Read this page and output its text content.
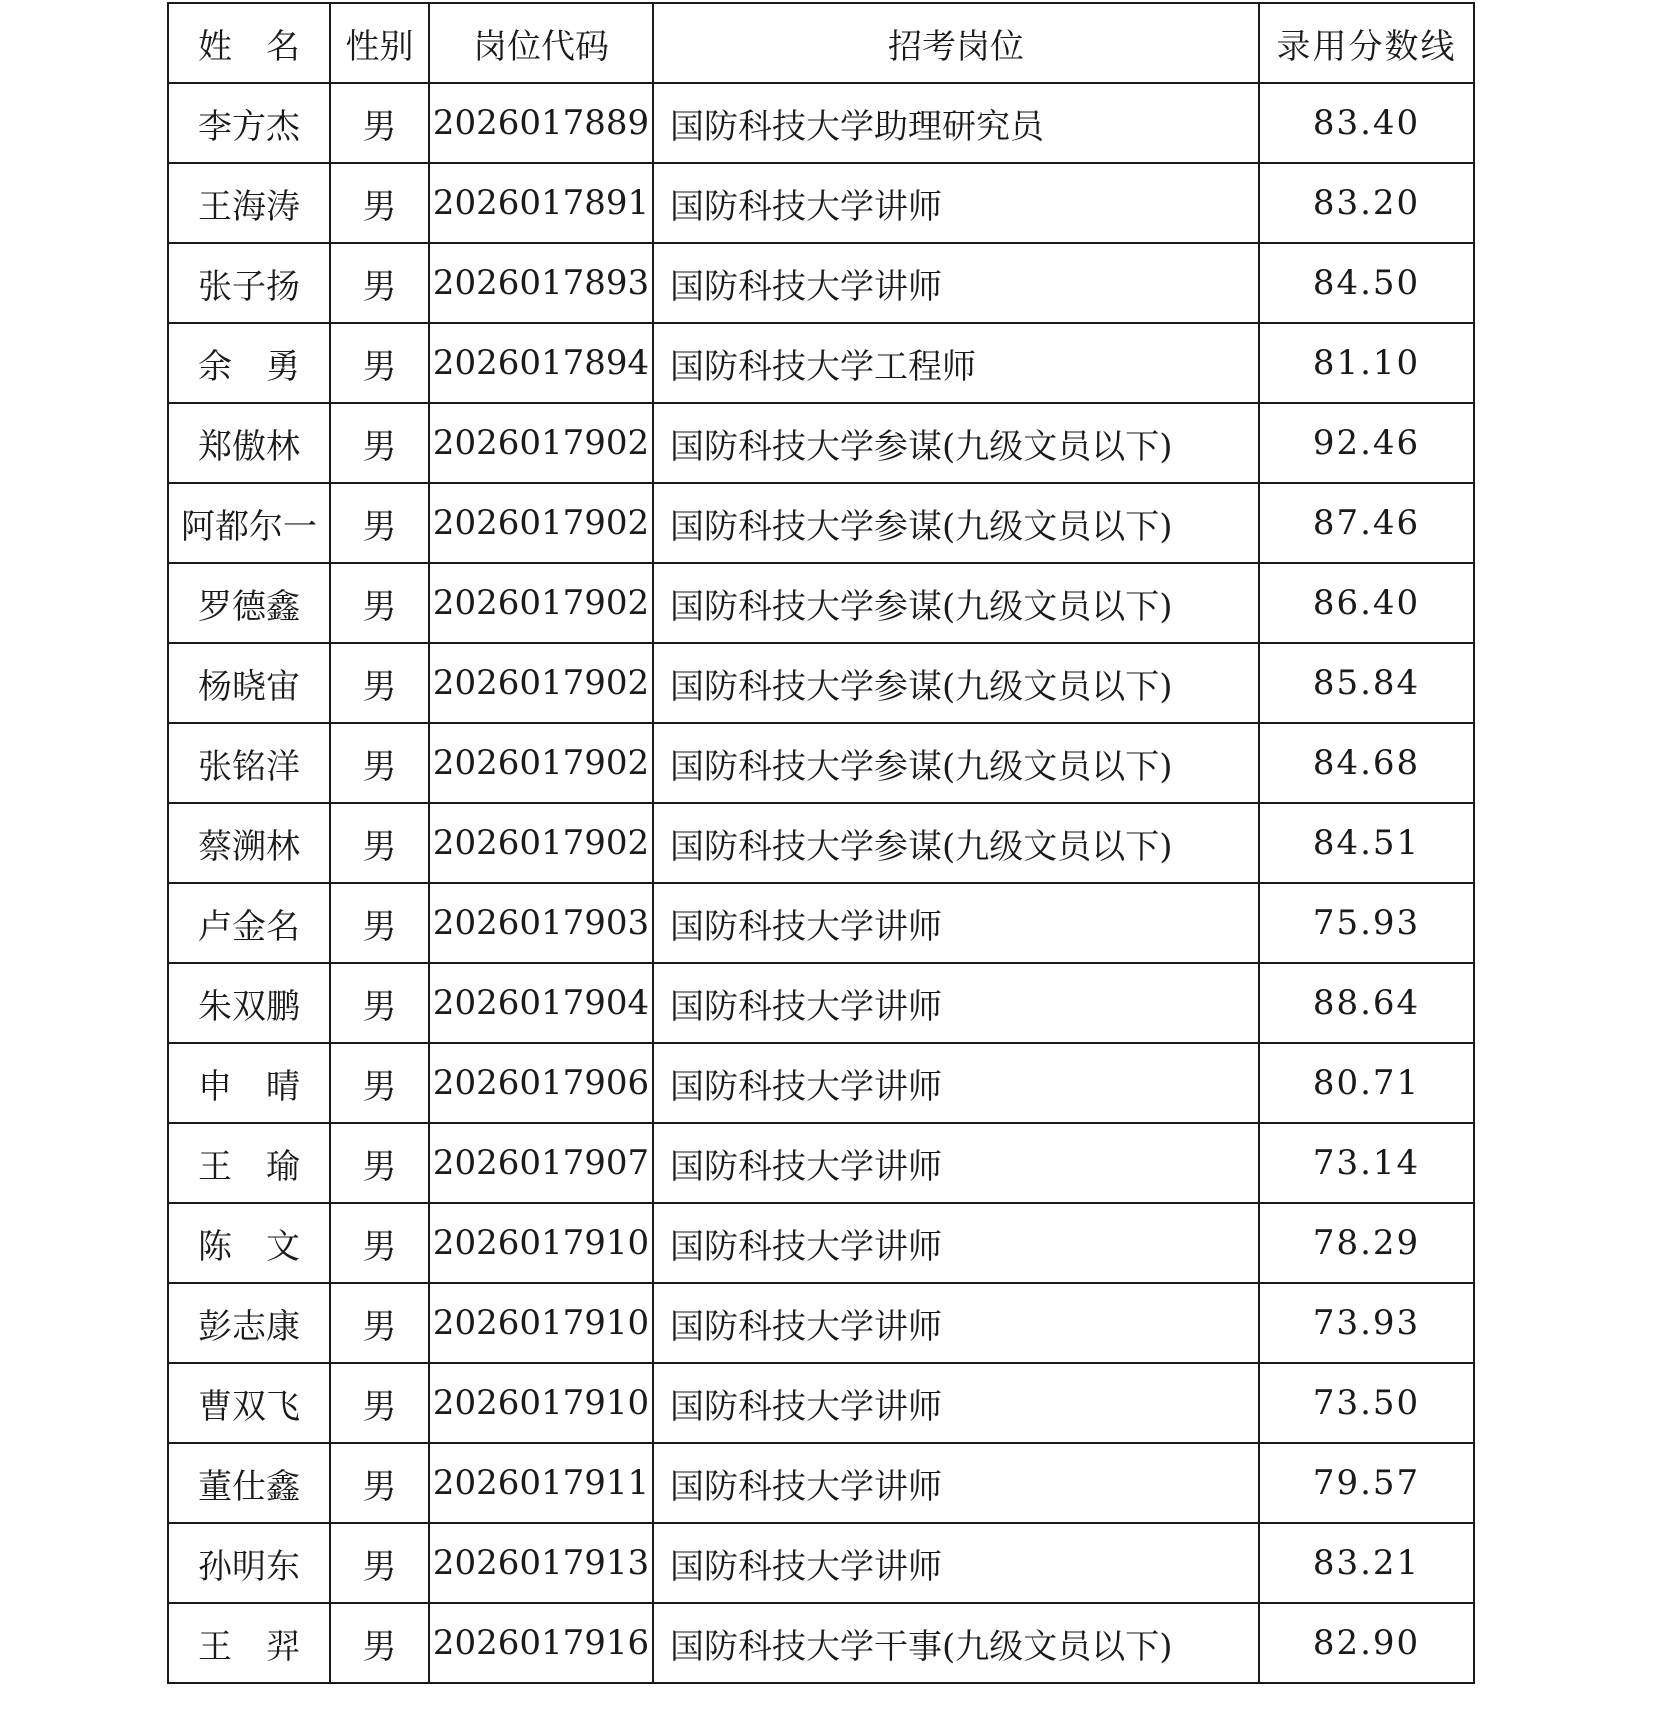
姓　名	性别	岗位代码	招考岗位	录用分数线
李方杰	男	2026017889	国防科技大学助理研究员	83.40
王海涛	男	2026017891	国防科技大学讲师	83.20
张子扬	男	2026017893	国防科技大学讲师	84.50
余　勇	男	2026017894	国防科技大学工程师	81.10
郑傲林	男	2026017902	国防科技大学参谋(九级文员以下)	92.46
阿都尔一	男	2026017902	国防科技大学参谋(九级文员以下)	87.46
罗德鑫	男	2026017902	国防科技大学参谋(九级文员以下)	86.40
杨晓宙	男	2026017902	国防科技大学参谋(九级文员以下)	85.84
张铭洋	男	2026017902	国防科技大学参谋(九级文员以下)	84.68
蔡溯林	男	2026017902	国防科技大学参谋(九级文员以下)	84.51
卢金名	男	2026017903	国防科技大学讲师	75.93
朱双鹏	男	2026017904	国防科技大学讲师	88.64
申　晴	男	2026017906	国防科技大学讲师	80.71
王　瑜	男	2026017907	国防科技大学讲师	73.14
陈　文	男	2026017910	国防科技大学讲师	78.29
彭志康	男	2026017910	国防科技大学讲师	73.93
曹双飞	男	2026017910	国防科技大学讲师	73.50
董仕鑫	男	2026017911	国防科技大学讲师	79.57
孙明东	男	2026017913	国防科技大学讲师	83.21
王　羿	男	2026017916	国防科技大学干事(九级文员以下)	82.90
